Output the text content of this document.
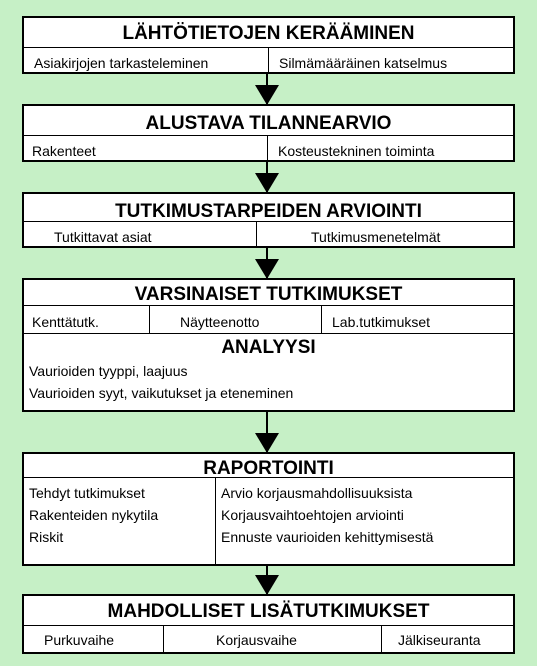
LÄHTÖTIETOJEN KERÄÄMINEN
Asiakirjojen tarkasteleminen	Silmämääräinen katselmus
ALUSTAVA TILANNEARVIO
Rakenteet	Kosteustekninen toiminta
TUTKIMUSTARPEIDEN ARVIOINTI
Tutkittavat asiat	Tutkimusmenetelmät
VARSINAISET TUTKIMUKSET
Kenttätutk.	Näytteenotto	Lab.tutkimukset
ANALYYSI
Vaurioiden tyyppi, laajuus
Vaurioiden syyt, vaikutukset ja eteneminen
RAPORTOINTI
Tehdyt tutkimukset
Rakenteiden nykytila
Riskit
Arvio korjausmahdollisuuksista
Korjausvaihtoehtojen arviointi
Ennuste vaurioiden kehittymisestä
MAHDOLLISET LISÄTUTKIMUKSET
Purkuvaihe	Korjausvaihe	Jälkiseuranta
